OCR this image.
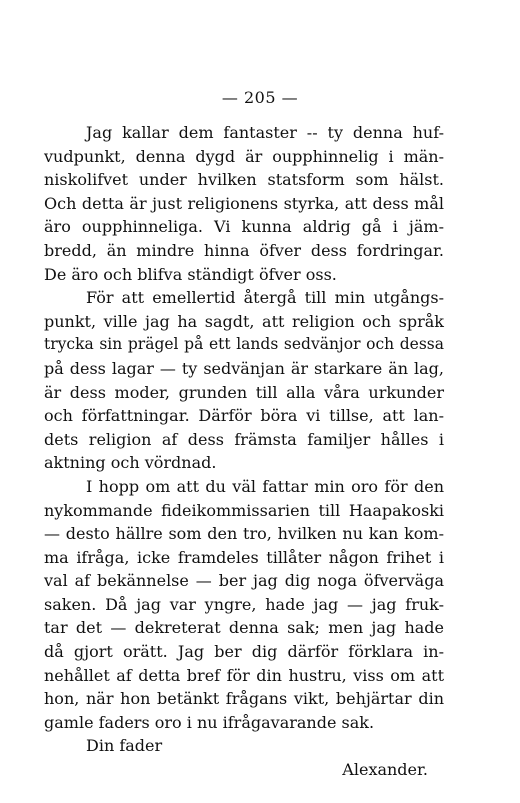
— 205 —
Jag kallar dem fantaster -- ty denna huf-
vudpunkt, denna dygd är oupphinnelig i män-
niskolifvet under hvilken statsform som hälst.
Och detta är just religionens styrka, att dess mål
äro oupphinneliga. Vi kunna aldrig gå i jäm-
bredd, än mindre hinna öfver dess fordringar.
De äro och blifva ständigt öfver oss.
För att emellertid återgå till min utgångs-
punkt, ville jag ha sagdt, att religion och språk
trycka sin prägel på ett lands sedvänjor och dessa
på dess lagar — ty sedvänjan är starkare än lag,
är dess moder, grunden till alla våra urkunder
och författningar. Därför böra vi tillse, att lan-
dets religion af dess främsta familjer hålles i
aktning och vördnad.
I hopp om att du väl fattar min oro för den
nykommande fideikommissarien till Haapakoski
— desto hällre som den tro, hvilken nu kan kom-
ma ifråga, icke framdeles tillåter någon frihet i
val af bekännelse — ber jag dig noga öfverväga
saken. Då jag var yngre, hade jag — jag fruk-
tar det — dekreterat denna sak; men jag hade
då gjort orätt. Jag ber dig därför förklara in-
nehållet af detta bref för din hustru, viss om att
hon, när hon betänkt frågans vikt, behjärtar din
gamle faders oro i nu ifrågavarande sak.
Din fader
Alexander.
